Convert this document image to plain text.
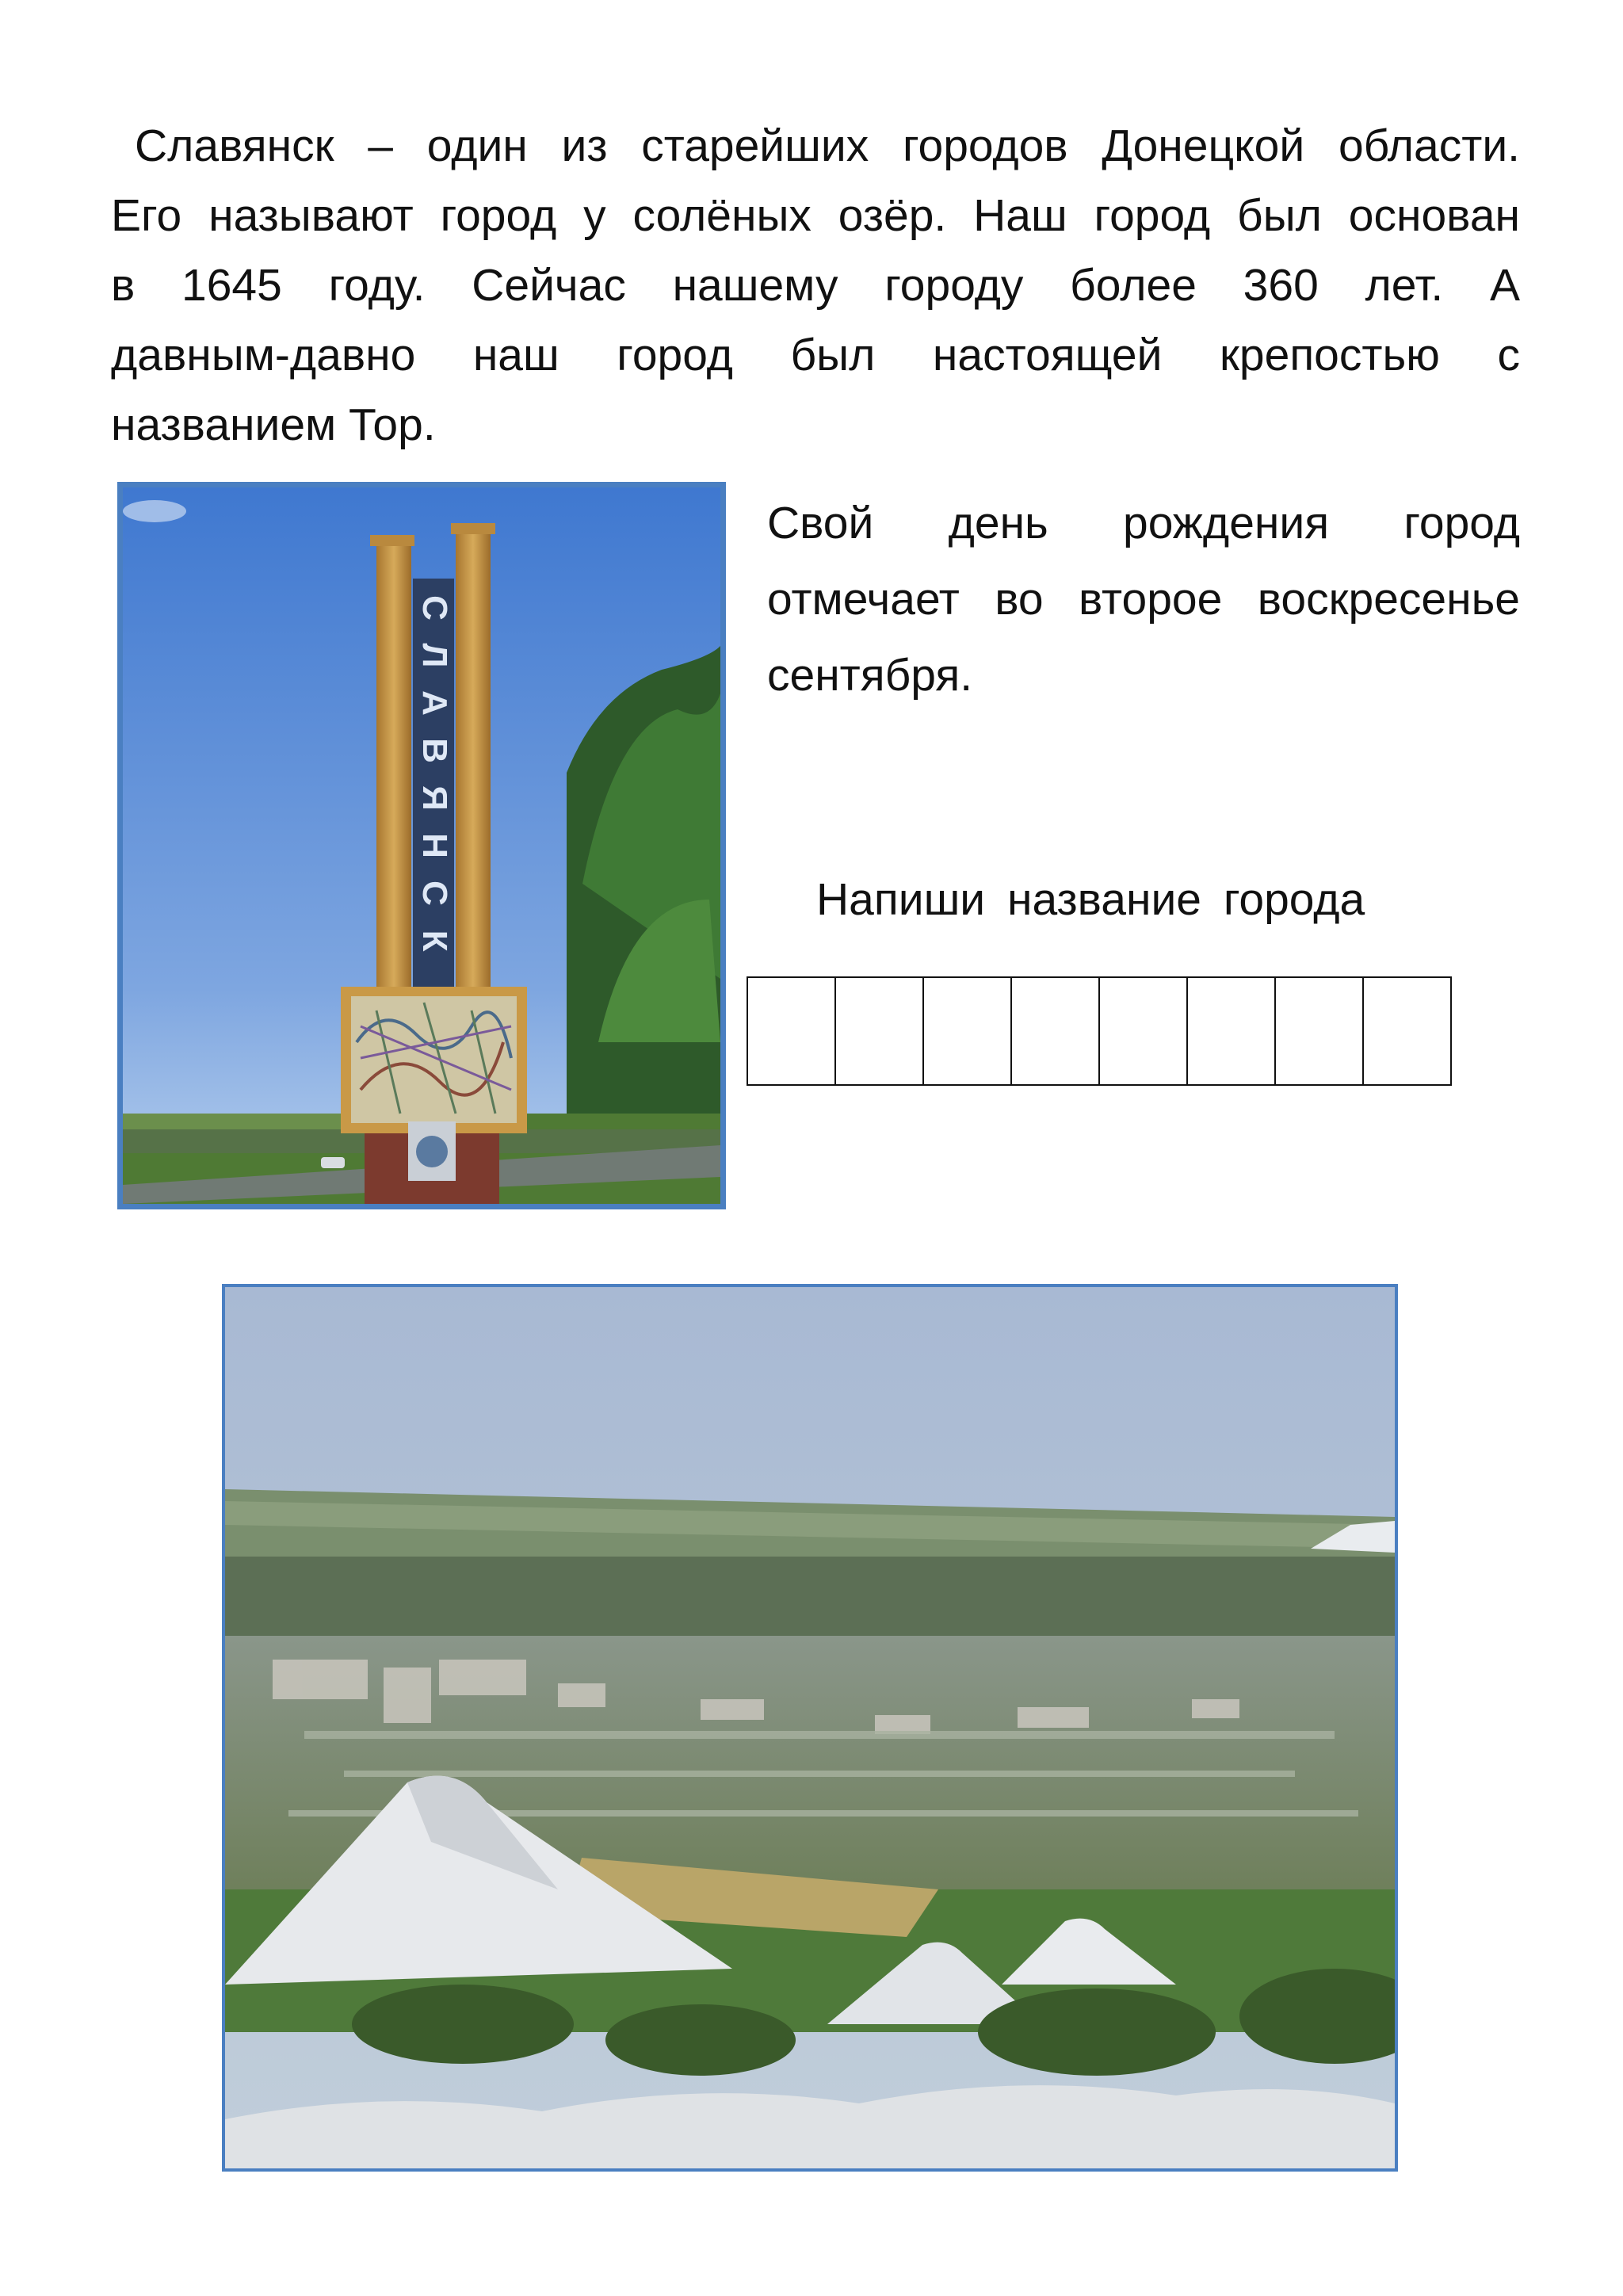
Славянск – один из старейших городов Донецкой области.
Его называют город у солёных озёр. Наш город был основан
в 1645 году. Сейчас нашему городу более 360 лет. А
давным-давно наш город был настоящей крепостью с
названием Тор.

С
Л
А
В
Я
Н
С
К

Свой день рождения город
отмечает во второе воскресенье
сентября.

Напиши название города
